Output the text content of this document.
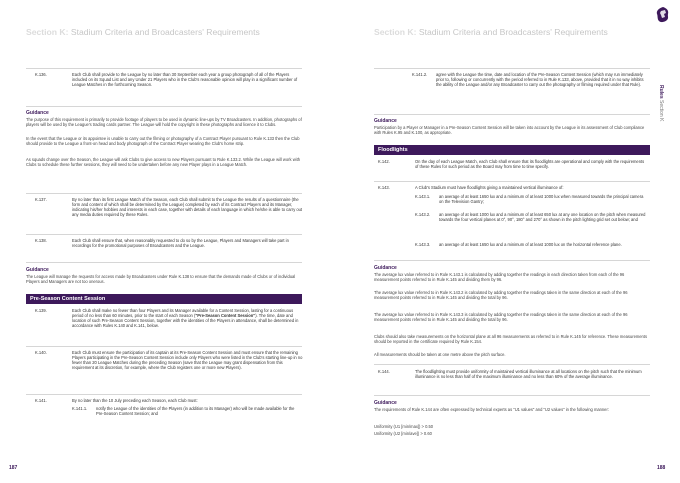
Section K: Stadium Criteria and Broadcasters' Requirements
K.136.	Each Club shall provide to the League by no later than 30 September each year a group photograph of all of the Players included on its Squad List and any Under 21 Players who in the Club's reasonable opinion will play in a significant number of League Matches in the forthcoming Season.
Guidance
The purpose of this requirement is primarily to provide footage of players to be used in dynamic line-ups by TV Broadcasters. In addition, photographs of players will be used by the League's trading cards partner. The League will hold the copyright in these photographs and licence it to Clubs.
In the event that the League or its appointee is unable to carry out the filming or photography of a Contract Player pursuant to Rule K.133 then the Club should provide to the League a front-on head and body photograph of the Contract Player wearing the Club's home strip.
As squads change over the Season, the League will ask Clubs to give access to new Players pursuant to Rule K.133.2. While the League will work with Clubs to schedule these further sessions, they will need to be undertaken before any new Player plays in a League Match.
K.137.	By no later than its first League Match of the Season, each Club shall submit to the League the results of a questionnaire (the form and content of which shall be determined by the League) completed by each of its Contract Players and its Manager, indicating his/her hobbies and interests in each case, together with details of each language in which he/she is able to carry out any media duties required by these Rules.
K.138.	Each Club shall ensure that, when reasonably requested to do so by the League, Players and Managers will take part in recordings for the promotional purposes of Broadcasters and the League.
Guidance
The League will manage the requests for access made by Broadcasters under Rule K.138 to ensure that the demands made of Clubs or of individual Players and Managers are not too onerous.
Pre-Season Content Session
K.139.	Each Club shall make no fewer than four Players and its Manager available for a Content Session, lasting for a continuous period of no less than 60 minutes, prior to the start of each Season ("Pre-Season Content Session"). The time, date and location of such Pre-Season Content Session, together with the identities of the Players in attendance, shall be determined in accordance with Rules K.140 and K.141, below.
K.140.	Each Club must ensure the participation of its captain at its Pre-Season Content Session and must ensure that the remaining Players participating in the Pre-Season Content Session include only Players who were listed in the Club's starting line-up in no fewer than 20 League Matches during the preceding Season (save that the League may grant dispensation from this requirement at its discretion, for example, where the Club registers one or more new Players).
K.141.	By no later than the 10 July preceding each Season, each Club must:
K.141.1. notify the League of the identities of the Players (in addition to its Manager) who will be made available for the Pre-Season Content Session; and
187
Section K: Stadium Criteria and Broadcasters' Requirements
K.141.2. agree with the League the time, date and location of the Pre-Season Content Session (which may run immediately prior to, following or concurrently with the period referred to in Rule K.133, above, provided that it in no way inhibits the ability of the League and/or any Broadcaster to carry out the photography or filming required under that Rule).
Guidance
Participation by a Player or Manager in a Pre-Season Content Session will be taken into account by the League in its assessment of Club compliance with Rules K.95 and K.100, as appropriate.
Floodlights
K.142.	On the day of each League Match, each Club shall ensure that its floodlights are operational and comply with the requirements of these Rules for such period as the Board may from time to time specify.
K.143.	A Club's Stadium must have floodlights giving a maintained vertical illuminance of:
K.143.1. an average of at least 1650 lux and a minimum of at least 1000 lux when measured towards the principal camera on the Television Gantry;
K.143.2. an average of at least 1000 lux and a minimum of at least 650 lux at any one location on the pitch when measured towards the four vertical planes at 0°, 90°, 180° and 270° as shown in the pitch lighting grid set out below; and
K.143.3. an average of at least 1650 lux and a minimum of at least 1000 lux on the horizontal reference plane.
Guidance
The average lux value referred to in Rule K.143.1 is calculated by adding together the readings in each direction taken from each of the 96 measurement points referred to in Rule K.145 and dividing them by 96.
The average lux value referred to in Rule K.143.2 is calculated by adding together the readings taken in the same direction at each of the 96 measurement points referred to in Rule K.145 and dividing the total by 96.
The average lux value referred to in Rule K.143.3 is calculated by adding together the readings taken in the same direction at each of the 96 measurement points referred to in Rule K.145 and dividing the total by 96.
Clubs should also take measurements on the horizontal plane at all 96 measurements as referred to in Rule K.145 for reference. These measurements should be reported in the certificate required by Rule K.154.
All measurements should be taken at one metre above the pitch surface.
K.144.	The floodlighting must provide uniformity of maintained vertical illuminance at all locations on the pitch such that the minimum illuminance is no less than half of the maximum illuminance and no less than 60% of the average illuminance.
Guidance
The requirements of Rule K.144 are often expressed by technical experts as "U1 values" and "U2 values" in the following manner:
Uniformity (U1 [min/max]) > 0.50
Uniformity (U2 [min/ave]) > 0.60
188
Rules Section K
